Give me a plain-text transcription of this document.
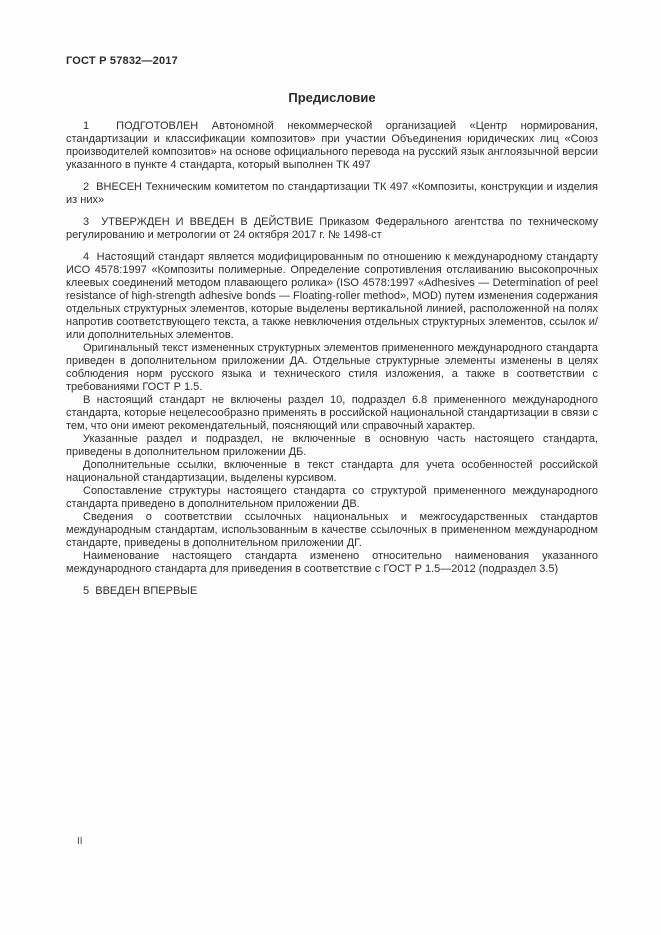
ГОСТ Р 57832—2017
Предисловие

1  ПОДГОТОВЛЕН Автономной некоммерческой организацией «Центр нормирования, стандартизации и классификации композитов» при участии Объединения юридических лиц «Союз производителей композитов» на основе официального перевода на русский язык англоязычной версии указанного в пункте 4 стандарта, который выполнен ТК 497

2  ВНЕСЕН Техническим комитетом по стандартизации ТК 497 «Композиты, конструкции и изделия из них»

3  УТВЕРЖДЕН И ВВЕДЕН В ДЕЙСТВИЕ Приказом Федерального агентства по техническому регулированию и метрологии от 24 октября 2017 г. № 1498-ст

4  Настоящий стандарт является модифицированным по отношению к международному стандарту ИСО 4578:1997 «Композиты полимерные. Определение сопротивления отслаиванию высокопрочных клеевых соединений методом плавающего ролика» (ISO 4578:1997 «Adhesives — Determination of peel resistance of high-strength adhesive bonds — Floating-roller method», MOD) путем изменения содержания отдельных структурных элементов, которые выделены вертикальной линией, расположенной на полях напротив соответствующего текста, а также невключения отдельных структурных элементов, ссылок и/или дополнительных элементов.

Оригинальный текст измененных структурных элементов примененного международного стандарта приведен в дополнительном приложении ДА. Отдельные структурные элементы изменены в целях соблюдения норм русского языка и технического стиля изложения, а также в соответствии с требованиями ГОСТ Р 1.5.

В настоящий стандарт не включены раздел 10, подраздел 6.8 примененного международного стандарта, которые нецелесообразно применять в российской национальной стандартизации в связи с тем, что они имеют рекомендательный, поясняющий или справочный характер.

Указанные раздел и подраздел, не включенные в основную часть настоящего стандарта, приведены в дополнительном приложении ДБ.

Дополнительные ссылки, включенные в текст стандарта для учета особенностей российской национальной стандартизации, выделены курсивом.

Сопоставление структуры настоящего стандарта со структурой примененного международного стандарта приведено в дополнительном приложении ДВ.

Сведения о соответствии ссылочных национальных и межгосударственных стандартов международным стандартам, использованным в качестве ссылочных в примененном международном стандарте, приведены в дополнительном приложении ДГ.

Наименование настоящего стандарта изменено относительно наименования указанного международного стандарта для приведения в соответствие с ГОСТ Р 1.5—2012 (подраздел 3.5)

5  ВВЕДЕН ВПЕРВЫЕ

II
